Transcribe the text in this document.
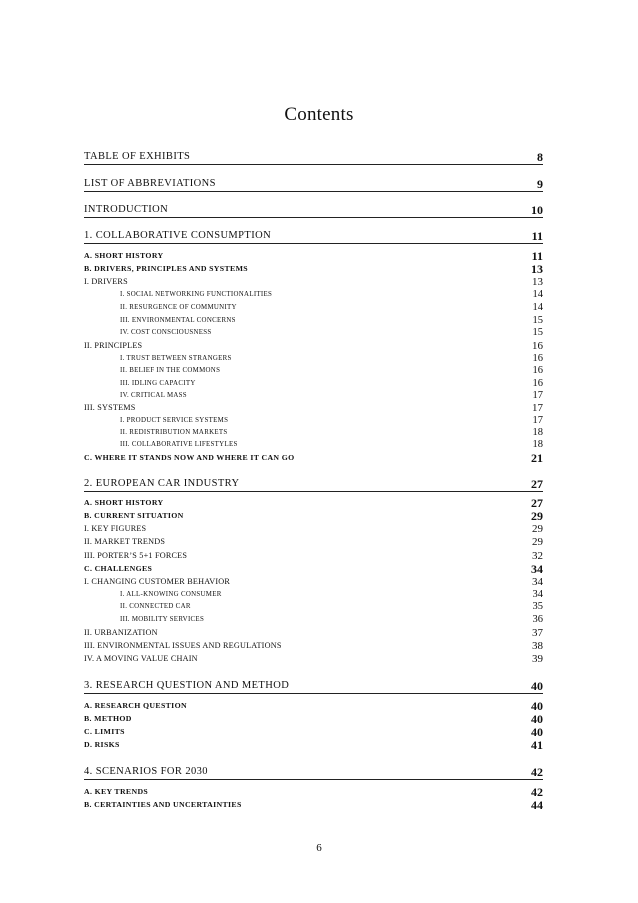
Contents
TABLE OF EXHIBITS	8
LIST OF ABBREVIATIONS	9
INTRODUCTION	10
1. COLLABORATIVE CONSUMPTION	11
A. SHORT HISTORY	11
B. DRIVERS, PRINCIPLES AND SYSTEMS	13
I. DRIVERS	13
I. SOCIAL NETWORKING FUNCTIONALITIES	14
II. RESURGENCE OF COMMUNITY	14
III. ENVIRONMENTAL CONCERNS	15
IV. COST CONSCIOUSNESS	15
II. PRINCIPLES	16
I. TRUST BETWEEN STRANGERS	16
II. BELIEF IN THE COMMONS	16
III. IDLING CAPACITY	16
IV. CRITICAL MASS	17
III. SYSTEMS	17
I. PRODUCT SERVICE SYSTEMS	17
II. REDISTRIBUTION MARKETS	18
III. COLLABORATIVE LIFESTYLES	18
C. WHERE IT STANDS NOW AND WHERE IT CAN GO	21
2. EUROPEAN CAR INDUSTRY	27
A. SHORT HISTORY	27
B. CURRENT SITUATION	29
I. KEY FIGURES	29
II. MARKET TRENDS	29
III. PORTER’S 5+1 FORCES	32
C. CHALLENGES	34
I. CHANGING CUSTOMER BEHAVIOR	34
I. ALL-KNOWING CONSUMER	34
II. CONNECTED CAR	35
III. MOBILITY SERVICES	36
II. URBANIZATION	37
III. ENVIRONMENTAL ISSUES AND REGULATIONS	38
IV. A MOVING VALUE CHAIN	39
3. RESEARCH QUESTION AND METHOD	40
A. RESEARCH QUESTION	40
B. METHOD	40
C. LIMITS	40
D. RISKS	41
4. SCENARIOS FOR 2030	42
A. KEY TRENDS	42
B. CERTAINTIES AND UNCERTAINTIES	44
6
